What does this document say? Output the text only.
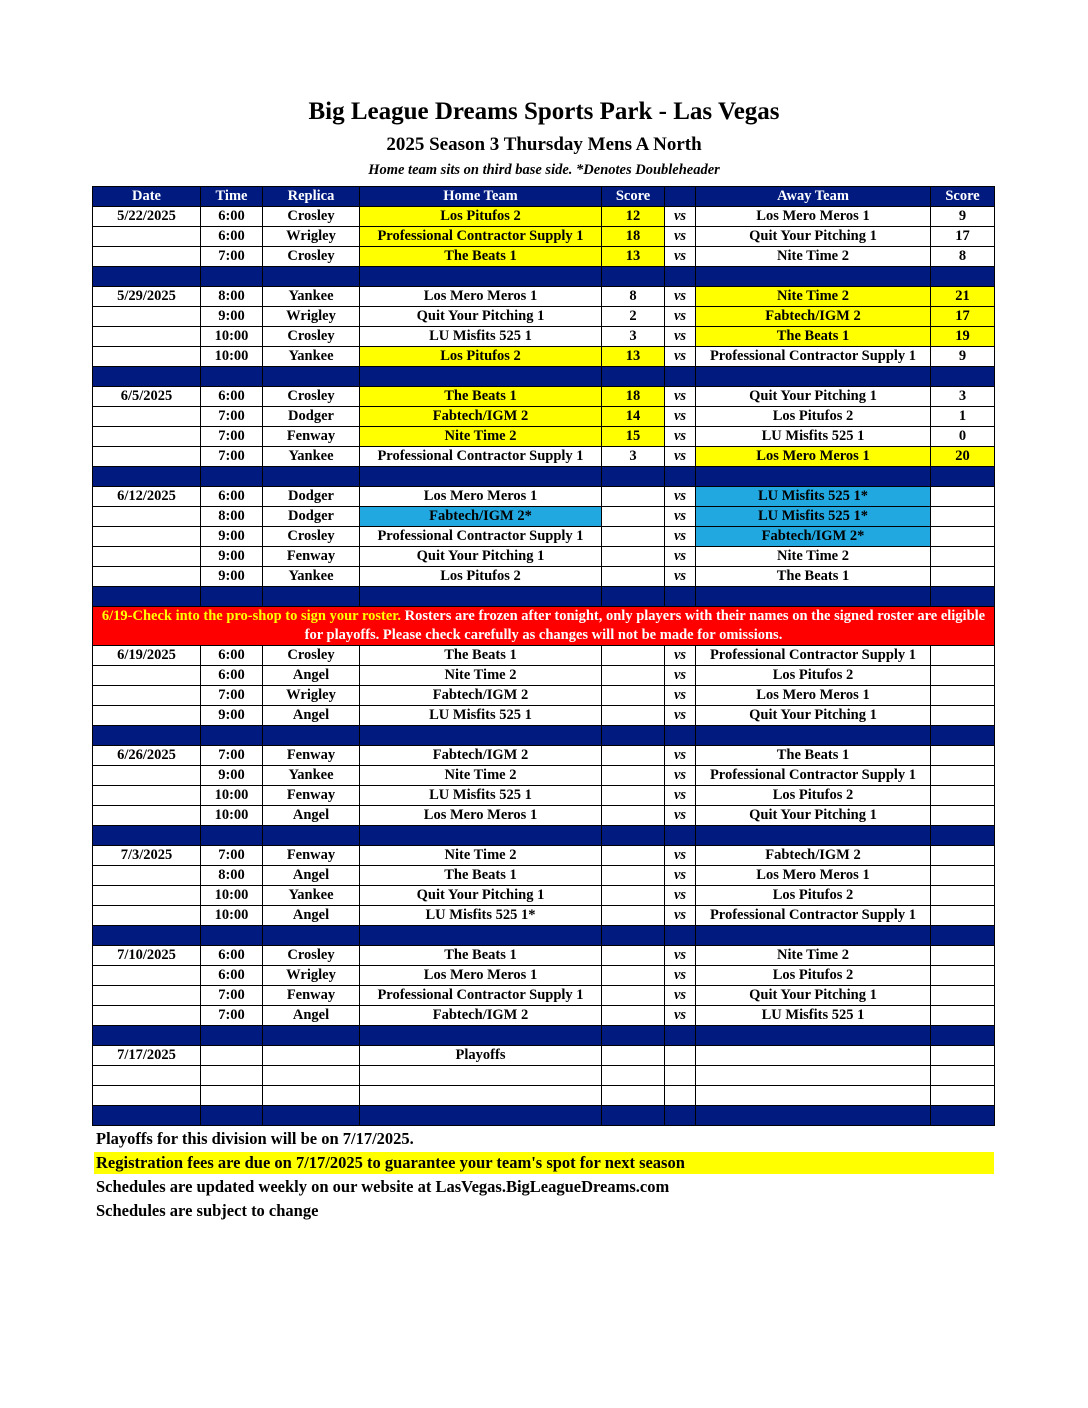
Big League Dreams Sports Park - Las Vegas
2025 Season 3 Thursday Mens A North
Home team sits on third base side. *Denotes Doubleheader
Date	Time	Replica	Home Team	Score		Away Team	Score
5/22/2025	6:00	Crosley	Los Pitufos 2	12	vs	Los Mero Meros 1	9
	6:00	Wrigley	Professional Contractor Supply 1	18	vs	Quit Your Pitching 1	17
	7:00	Crosley	The Beats 1	13	vs	Nite Time 2	8

5/29/2025	8:00	Yankee	Los Mero Meros 1	8	vs	Nite Time 2	21
	9:00	Wrigley	Quit Your Pitching 1	2	vs	Fabtech/IGM 2	17
	10:00	Crosley	LU Misfits 525 1	3	vs	The Beats 1	19
	10:00	Yankee	Los Pitufos 2	13	vs	Professional Contractor Supply 1	9

6/5/2025	6:00	Crosley	The Beats 1	18	vs	Quit Your Pitching 1	3
	7:00	Dodger	Fabtech/IGM 2	14	vs	Los Pitufos 2	1
	7:00	Fenway	Nite Time 2	15	vs	LU Misfits 525 1	0
	7:00	Yankee	Professional Contractor Supply 1	3	vs	Los Mero Meros 1	20

6/12/2025	6:00	Dodger	Los Mero Meros 1		vs	LU Misfits 525 1*	
	8:00	Dodger	Fabtech/IGM 2*		vs	LU Misfits 525 1*	
	9:00	Crosley	Professional Contractor Supply 1		vs	Fabtech/IGM 2*	
	9:00	Fenway	Quit Your Pitching 1		vs	Nite Time 2	
	9:00	Yankee	Los Pitufos 2		vs	The Beats 1	

6/19-Check into the pro-shop to sign your roster. Rosters are frozen after tonight, only players with their names on the signed roster are eligible for playoffs. Please check carefully as changes will not be made for omissions.							
6/19/2025	6:00	Crosley	The Beats 1		vs	Professional Contractor Supply 1	
	6:00	Angel	Nite Time 2		vs	Los Pitufos 2	
	7:00	Wrigley	Fabtech/IGM 2		vs	Los Mero Meros 1	
	9:00	Angel	LU Misfits 525 1		vs	Quit Your Pitching 1	

6/26/2025	7:00	Fenway	Fabtech/IGM 2		vs	The Beats 1	
	9:00	Yankee	Nite Time 2		vs	Professional Contractor Supply 1	
	10:00	Fenway	LU Misfits 525 1		vs	Los Pitufos 2	
	10:00	Angel	Los Mero Meros 1		vs	Quit Your Pitching 1	

7/3/2025	7:00	Fenway	Nite Time 2		vs	Fabtech/IGM 2	
	8:00	Angel	The Beats 1		vs	Los Mero Meros 1	
	10:00	Yankee	Quit Your Pitching 1		vs	Los Pitufos 2	
	10:00	Angel	LU Misfits 525 1*		vs	Professional Contractor Supply 1	

7/10/2025	6:00	Crosley	The Beats 1		vs	Nite Time 2	
	6:00	Wrigley	Los Mero Meros 1		vs	Los Pitufos 2	
	7:00	Fenway	Professional Contractor Supply 1		vs	Quit Your Pitching 1	
	7:00	Angel	Fabtech/IGM 2		vs	LU Misfits 525 1	

7/17/2025			Playoffs				

Playoffs for this division will be on 7/17/2025.
Registration fees are due on 7/17/2025 to guarantee your team's spot for next season
Schedules are updated weekly on our website at LasVegas.BigLeagueDreams.com
Schedules are subject to change
